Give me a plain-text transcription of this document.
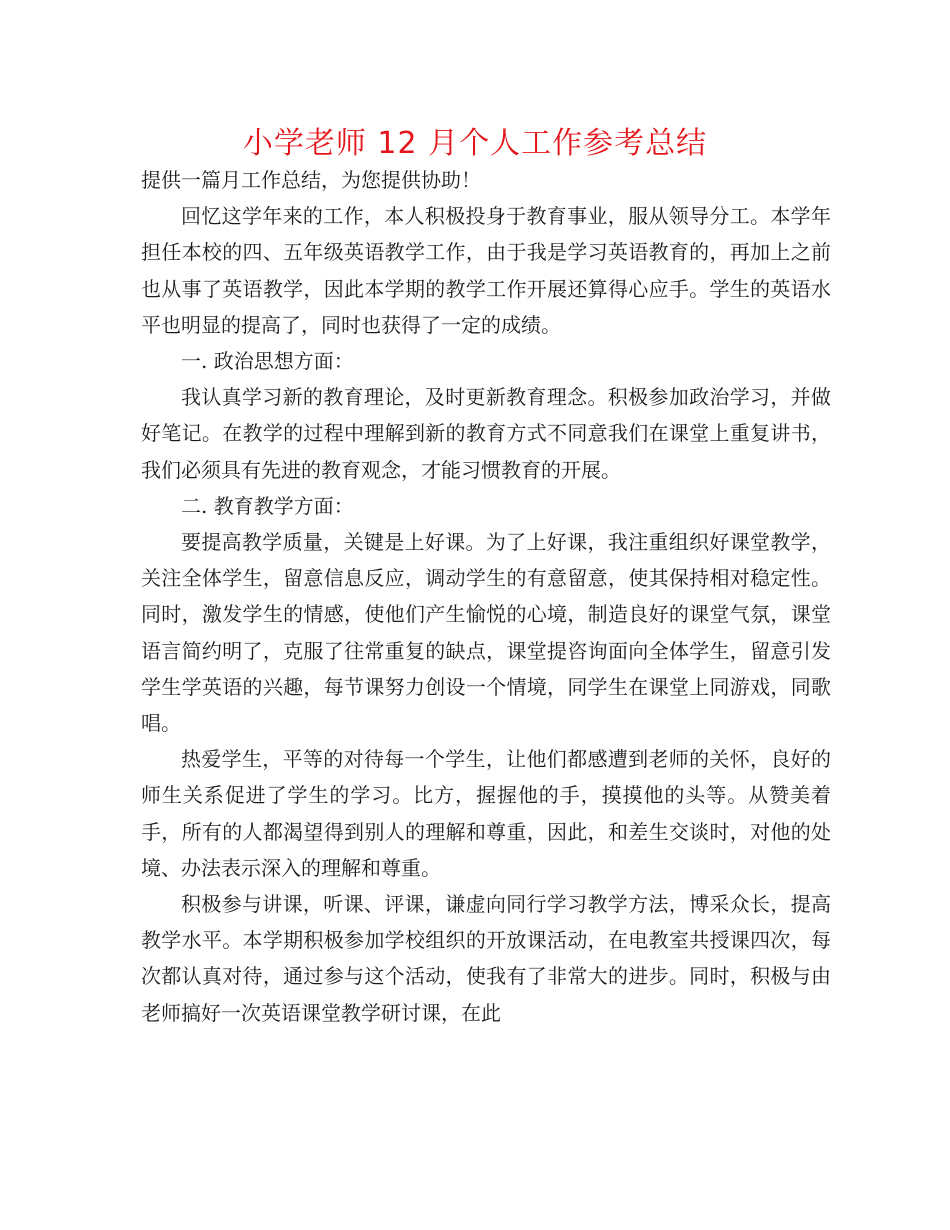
小学老师 12 月个人工作参考总结

提供一篇月工作总结，为您提供协助！

回忆这学年来的工作，本人积极投身于教育事业，服从领导分工。本学年担任本校的四、五年级英语教学工作，由于我是学习英语教育的，再加上之前也从事了英语教学，因此本学期的教学工作开展还算得心应手。学生的英语水平也明显的提高了，同时也获得了一定的成绩。

一. 政治思想方面：

我认真学习新的教育理论，及时更新教育理念。积极参加政治学习，并做好笔记。在教学的过程中理解到新的教育方式不同意我们在课堂上重复讲书，我们必须具有先进的教育观念，才能习惯教育的开展。

二. 教育教学方面：

要提高教学质量，关键是上好课。为了上好课，我注重组织好课堂教学，关注全体学生，留意信息反应，调动学生的有意留意，使其保持相对稳定性。同时，激发学生的情感，使他们产生愉悦的心境，制造良好的课堂气氛，课堂语言简约明了，克服了往常重复的缺点，课堂提咨询面向全体学生，留意引发学生学英语的兴趣，每节课努力创设一个情境，同学生在课堂上同游戏，同歌唱。

热爱学生，平等的对待每一个学生，让他们都感遭到老师的关怀，良好的师生关系促进了学生的学习。比方，握握他的手，摸摸他的头等。从赞美着手，所有的人都渴望得到别人的理解和尊重，因此，和差生交谈时，对他的处境、办法表示深入的理解和尊重。

积极参与讲课，听课、评课，谦虚向同行学习教学方法，博采众长，提高教学水平。本学期积极参加学校组织的开放课活动，在电教室共授课四次，每次都认真对待，通过参与这个活动，使我有了非常大的进步。同时，积极与由老师搞好一次英语课堂教学研讨课，在此
